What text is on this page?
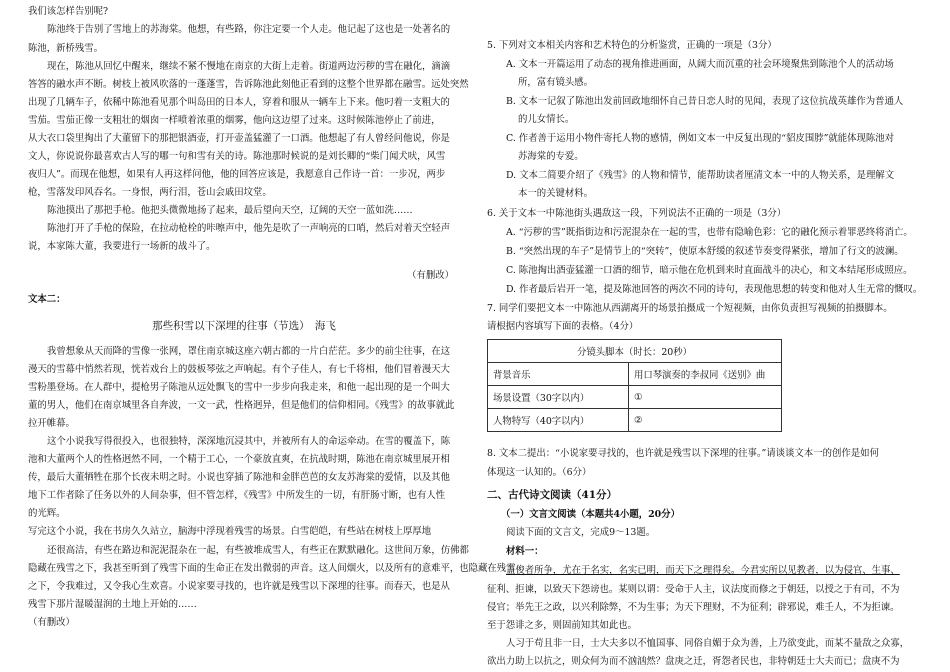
我们该怎样告别呢?
陈池终于告别了雪地上的苏海棠。他想，有些路，你注定要一个人走。他记起了这也是一处著名的
陈池，新桥残雪。
现在，陈池从回忆中醒来，继续不紧不慢地在南京的大街上走着。街道两边污秽的雪在融化，滴滴
答答的融水声不断。树枝上被风吹落的一蓬蓬雪，告诉陈池此刻他正看到的这整个世界都在融雪。远处突然
出现了几辆车子，依稀中陈池看见那个叫岛田的日本人，穿着和服从一辆车上下来。他叼着一支粗大的
雪茄。雪茄正像一支粗壮的烟囱一样喷着浓重的烟雾，他向这边望了过来。这时候陈池停止了前进，
从大衣口袋里掏出了大董留下的那把银酒壶，打开壶盖猛灌了一口酒。他想起了有人曾经问他说，你是
文人，你说说你最喜欢古人写的哪一句和雪有关的诗。陈池那时候说的是刘长卿的“柴门闻犬吠，风雪
夜归人”。而现在他想，如果有人再这样问他，他的回答应该是，我愿意自己作诗一首：一步况，两步
枪，雪落发印风吞名。一身恨，两行泪，苍山会戚田坟堂。
陈池摸出了那把手枪。他把头微微地扬了起来，最后望向天空，辽阔的天空一蓝如洗……
陈池打开了手枪的保险，在拉动枪栓的咔嚓声中，他先是吹了一声响亮的口哨，然后对着天空轻声
说，本家陈大董，我要进行一场新的战斗了。
（有删改）
文本二：
那些积雪以下深埋的往事（节选）　海飞
我曾想象从天而降的雪像一张网，罩住南京城这座六朝古都的一片白茫茫。多少的前尘往事，在这
漫天的雪幕中悄然若现，恍若戏台上的鼓板琴弦之声响起。有个子佳人，有七千将相，他们冒着漫天大
雪粉墨登场。在人群中，提枪男子陈池从远处飘飞的雪中一步步向我走来，和他一起出现的是一个叫大
董的男人，他们在南京城里各自奔波，一文一武，性格迥异，但是他们的信仰相同。《残雪》的故事就此
拉开帷幕。
这个小说我写得很投入，也很独特，深深地沉浸其中，并被所有人的命运牵动。在雪的覆盖下，陈
池和大董两个人的性格迥然不同，一个精于工心，一个豪放直爽，在抗战时期，陈池在南京城里展开相
传，最后大董牺牲在那个长夜未明之时。小说也穿插了陈池和金胖芭芭的女友苏海棠的爱情，以及其他
地下工作者除了任务以外的人间杂事，但不管怎样，《残雪》中所发生的一切，有肝肠寸断，也有人性
的光辉。
写完这个小说，我在书房久久站立，脑海中浮现着残雪的场景。白雪皑皑，有些站在树枝上厚厚地
还很高洁，有些在路边和泥泥混杂在一起，有些被堆成雪人，有些正在默默融化。这世间万象，仿佛都
隐藏在残雪之下，我甚至听到了残雪下面的生命正在发出微弱的声音。这人间烟火，以及所有的意难平，也隐藏在残雪
之下，令我难过，又令我心生欢喜。小说家要寻找的，也许就是残雪以下深埋的往事。而春天，也是从
残雪下那片湿暖湿润的土地上开始的……
（有删改）
5. 下列对文本相关内容和艺术特色的分析鉴赏，正确的一项是（3分）
A. 文本一开篇运用了动态的视角推进画面，从阔大而沉重的社会环境聚焦到陈池个人的活动场
所，富有镜头感。
B. 文本一记叙了陈池出发前回政地细怀自己昔日恋人时的见闻，表现了这位抗战英雄作为普通人
的儿女情长。
C. 作者善于运用小物件寄托人物的感情，例如文本一中反复出现的“貂皮围脖”就能体现陈池对
苏海棠的专爱。
D. 文本二简要介绍了《残雪》的人物和情节，能帮助读者厘清文本一中的人物关系，是理解文
本一的关键材料。
6. 关于文本一中陈池街头遇敌这一段，下列说法不正确的一项是（3分）
A. “污秽的雪”既指街边和污泥混杂在一起的雪，也带有隐喻色彩：它的融化预示着罪恶终将消亡。
B. “突然出现的车子”是情节上的“突转”，使原本舒缓的叙述节奏变得紧张，增加了行文的波澜。
C. 陈池掏出酒壶猛灌一口酒的细节，暗示他在危机到来时直面战斗的决心，和文本结尾形成照应。
D. 作者最后岩开一笔，提及陈池回答的两次不同的诗句，表现他思想的转变和他对人生无常的慨叹。
7. 同学们要把文本一中陈池从西湖离开的场景拍摄成一个短视频，由你负责担写视频的拍摄脚本。
请根据内容填写下面的表格。（4分）
分镜头脚本（时长：20秒）	
背景音乐	用口琴演奏的李叔同《送别》曲
场景设置（30字以内）	①
人物特写（40字以内）	②
8. 文本二提出：“小说家要寻找的，也许就是残雪以下深埋的往事。”请谈谈文本一的创作是如何
体现这一认知的。（6分）
二、古代诗文阅读（41分）
（一）文言文阅读（本题共4小题，20分）
阅读下面的文言文，完成9～13题。
材料一：
盖俊者所争，尤在于名实，名实已明，而天下之理得矣。今君实所以见教者，以为侵官、生事、
征利、拒谏，以致天下怨谤也。某则以谓：受命于人主，议法度而修之于朝廷，以授之于有司，不为
侵官；举先王之政，以兴利除弊，不为生事；为天下理财，不为征利；辟邪说，难壬人，不为拒谏。
至于怨诽之多，则固前知其如此也。
人习于苟且非一日，士大夫多以不恤国事、同俗自媚于众为善，上乃欲变此，而某不量敌之众寡，
欲出力助上以抗之，则众何为而不汹汹然？盘庚之迁，胥怨者民也，非特朝廷士大夫而已；盘庚不为
